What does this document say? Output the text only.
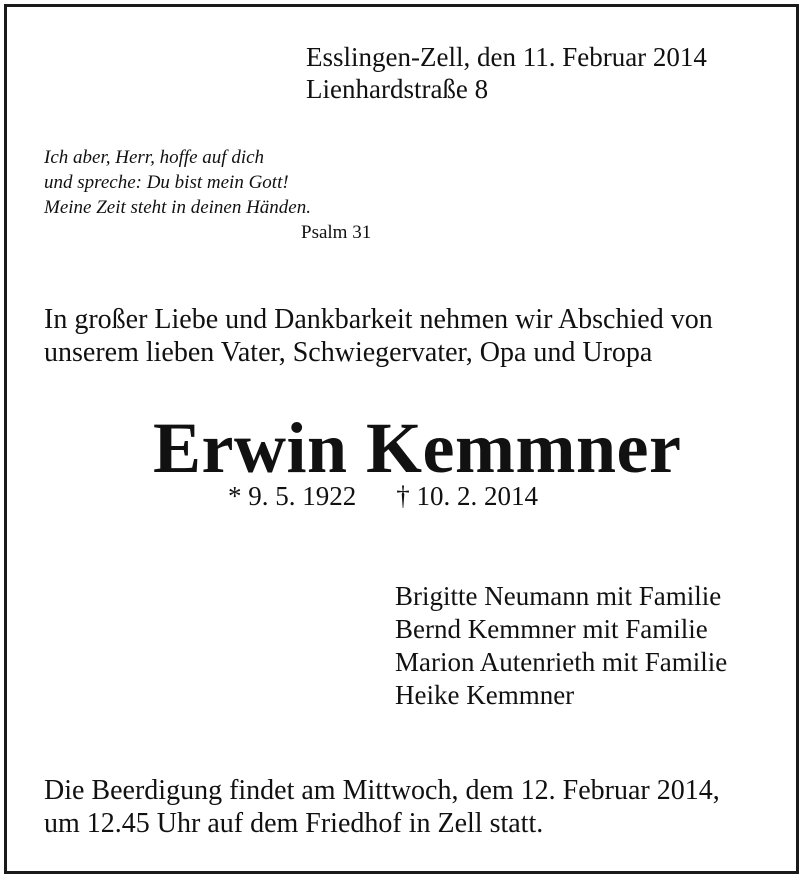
Esslingen-Zell, den 11. Februar 2014
Lienhardstraße 8
Ich aber, Herr, hoffe auf dich
und spreche: Du bist mein Gott!
Meine Zeit steht in deinen Händen.
Psalm 31
In großer Liebe und Dankbarkeit nehmen wir Abschied von
unserem lieben Vater, Schwiegervater, Opa und Uropa
Erwin Kemmner
* 9. 5. 1922 † 10. 2. 2014
Brigitte Neumann mit Familie
Bernd Kemmner mit Familie
Marion Autenrieth mit Familie
Heike Kemmner
Die Beerdigung findet am Mittwoch, dem 12. Februar 2014,
um 12.45 Uhr auf dem Friedhof in Zell statt.
